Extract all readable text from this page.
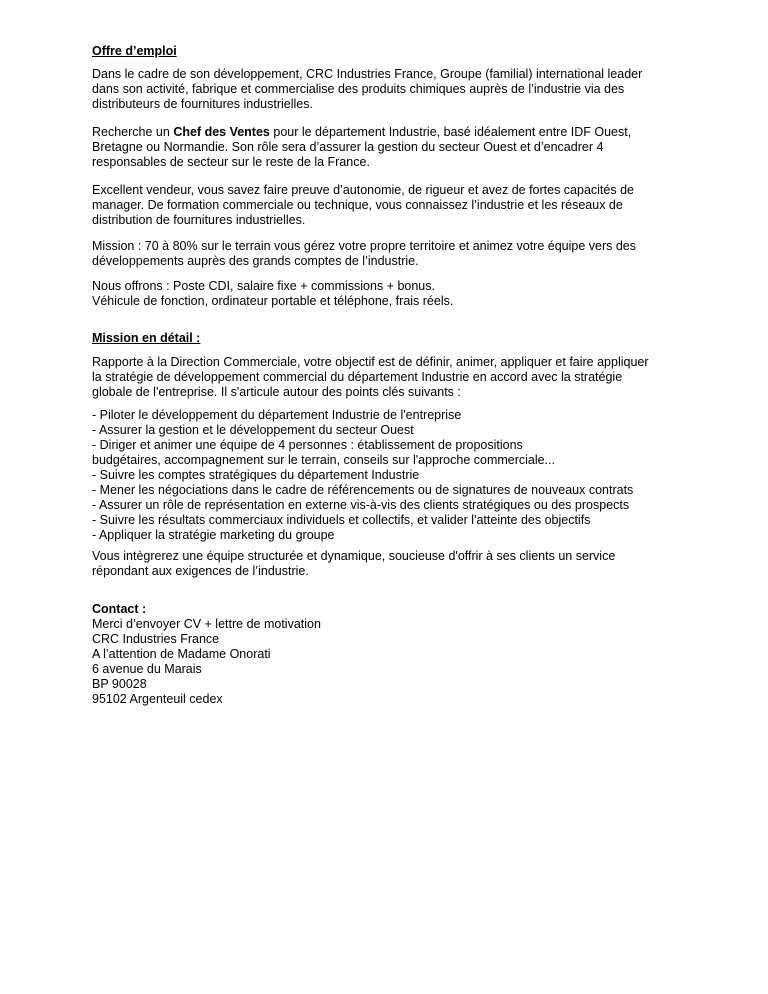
Offre d’emploi
Dans le cadre de son développement, CRC Industries France, Groupe (familial) international leader
dans son activité, fabrique et commercialise des produits chimiques auprès de l’industrie via des
distributeurs de fournitures industrielles.
Recherche un Chef des Ventes pour le département Industrie, basé idéalement entre IDF Ouest,
Bretagne ou Normandie. Son rôle sera d’assurer la gestion du secteur Ouest et d’encadrer 4
responsables de secteur sur le reste de la France.
Excellent vendeur, vous savez faire preuve d’autonomie, de rigueur et avez de fortes capacités de
manager. De formation commerciale ou technique, vous connaissez l’industrie et les réseaux de
distribution de fournitures industrielles.
Mission : 70 à 80% sur le terrain vous gérez votre propre territoire et animez votre équipe vers des
développements auprès des grands comptes de l’industrie.
Nous offrons : Poste CDI, salaire fixe + commissions + bonus.
Véhicule de fonction, ordinateur portable et téléphone, frais réels.
Mission en détail :
Rapporte à la Direction Commerciale, votre objectif est de définir, animer, appliquer et faire appliquer
la stratégie de développement commercial du département Industrie en accord avec la stratégie
globale de l'entreprise. Il s'articule autour des points clés suivants :
- Piloter le développement du département Industrie de l'entreprise
- Assurer la gestion et le développement du secteur Ouest
- Diriger et animer une équipe de 4 personnes : établissement de propositions
budgétaires, accompagnement sur le terrain, conseils sur l'approche commerciale...
- Suivre les comptes stratégiques du département Industrie
- Mener les négociations dans le cadre de référencements ou de signatures de nouveaux contrats
- Assurer un rôle de représentation en externe vis-à-vis des clients stratégiques ou des prospects
- Suivre les résultats commerciaux individuels et collectifs, et valider l'atteinte des objectifs
- Appliquer la stratégie marketing du groupe
Vous intègrerez une équipe structurée et dynamique, soucieuse d'offrir à ses clients un service
répondant aux exigences de l’industrie.
Contact :
Merci d’envoyer CV + lettre de motivation
CRC Industries France
A l’attention de Madame Onorati
6 avenue du Marais
BP 90028
95102 Argenteuil cedex
